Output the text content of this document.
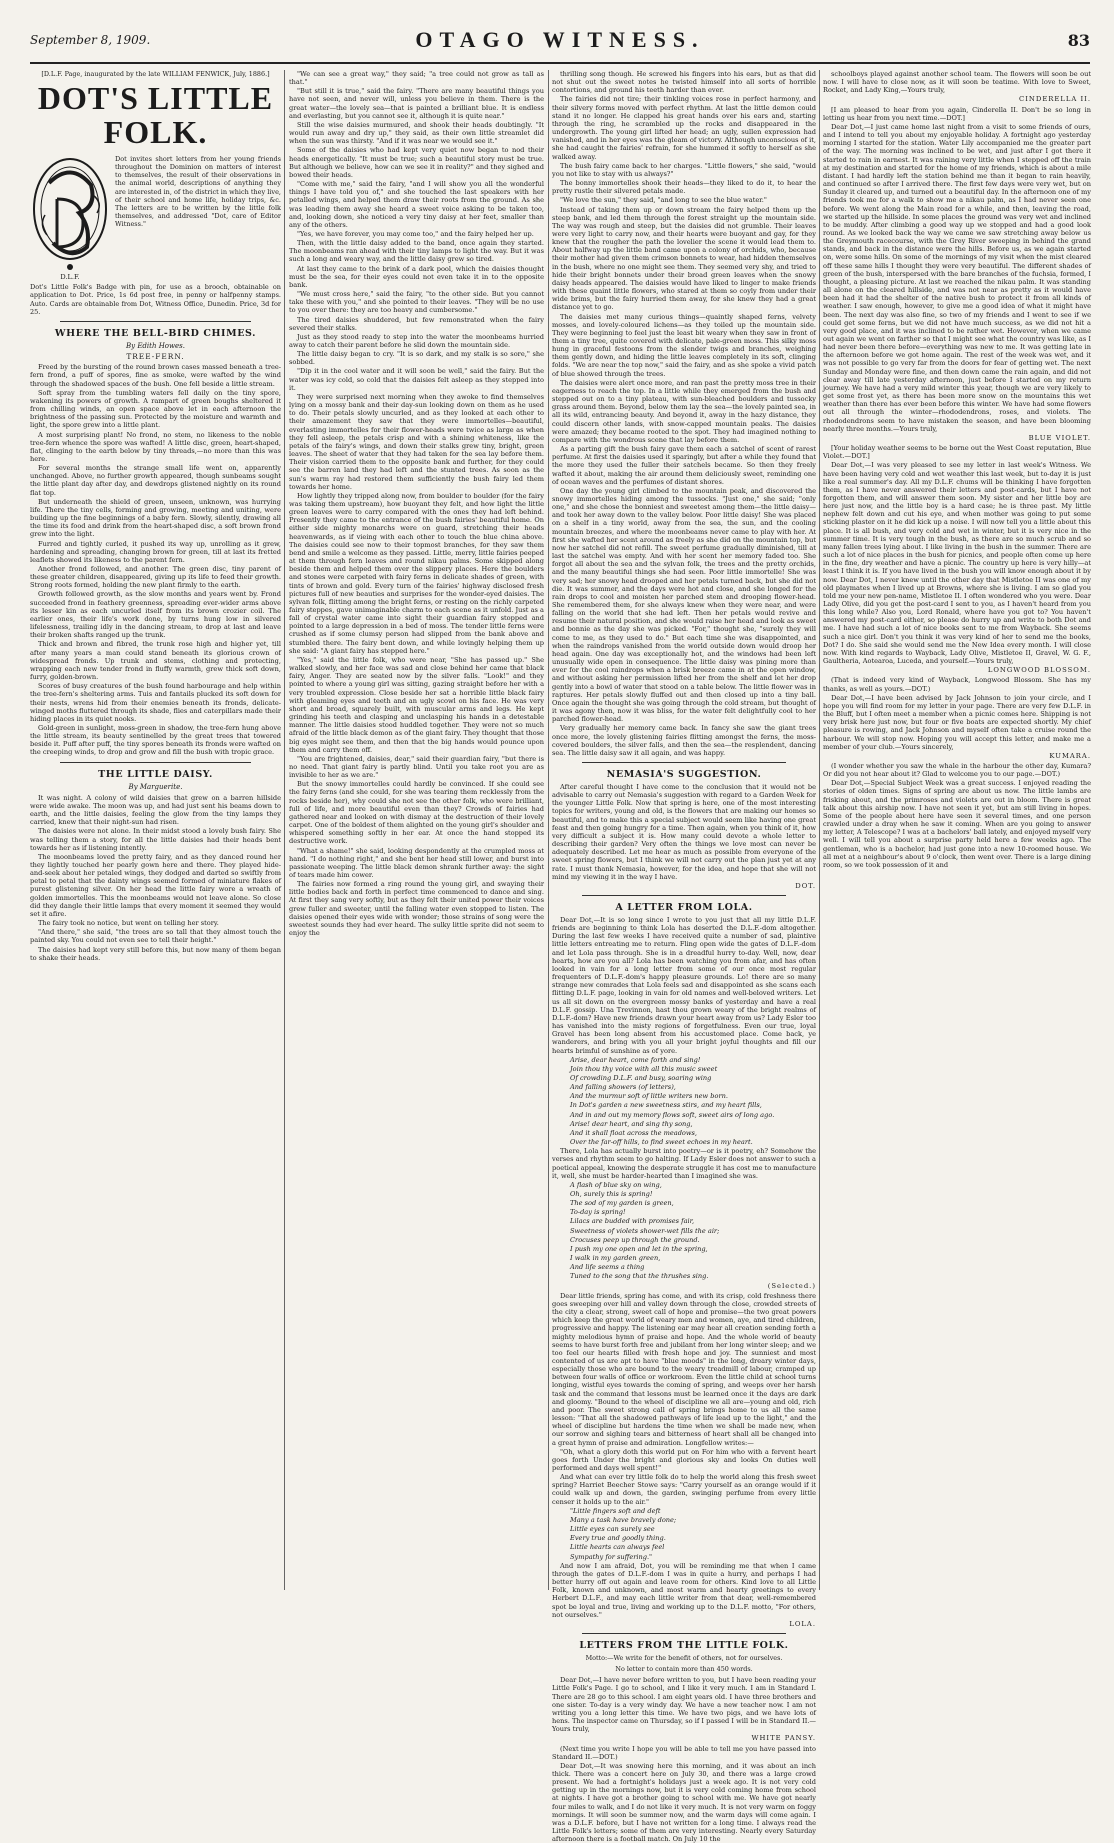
September 8, 1909.	OTAGO WITNESS.	83

[D.L.F. Page, inaugurated by the late WILLIAM FENWICK, July, 1886.]

DOT'S LITTLE FOLK.
D.L.F.

Dot invites short letters from her young friends throughout the Dominion on matters of interest to themselves, the result of their observations in the animal world, descriptions of anything they are interested in, of the district in which they live, of their school and home life, holiday trips, &c. The letters are to be written by the little folk themselves, and addressed "Dot, care of Editor Witness."

Dot's Little Folk's Badge with pin, for use as a brooch, obtainable on application to Dot. Price, 1s 6d post free, in penny or halfpenny stamps. Auto. Cards are obtainable from Dot, Witness Office, Dunedin. Price, 3d for 25.

WHERE THE BELL-BIRD CHIMES.
By Edith Howes.
TREE-FERN.

Freed by the bursting of the round brown cases massed beneath a tree-fern frond, a puff of spores, fine as smoke, were wafted by the wind through the shadowed spaces of the bush. One fell beside a little stream.

Soft spray from the tumbling waters fell daily on the tiny spore, wakening its powers of growth. A rampart of green boughs sheltered it from chilling winds, an open space above let in each afternoon the brightness of the passing sun. Protected by the moisture and warmth and light, the spore grew into a little plant.

A most surprising plant! No frond, no stem, no likeness to the noble tree-fern whence the spore was wafted! A little disc, green, heart-shaped, flat, clinging to the earth below by tiny threads,—no more than this was here.

For several months the strange small life went on, apparently unchanged. Above, no further growth appeared, though sunbeams sought the little plant day after day, and dewdrops glistened nightly on its round flat top.

But underneath the shield of green, unseen, unknown, was hurrying life. There the tiny cells, forming and growing, meeting and uniting, were building up the fine beginnings of a baby fern. Slowly, silently, drawing all the time its food and drink from the heart-shaped disc, a soft brown frond grew into the light.

Furred and tightly curled, it pushed its way up, unrolling as it grew, hardening and spreading, changing brown for green, till at last its fretted leaflets showed its likeness to the parent fern.

Another frond followed, and another. The green disc, tiny parent of these greater children, disappeared, giving up its life to feed their growth. Strong roots formed, holding the new plant firmly to the earth.

Growth followed growth, as the slow months and years went by. Frond succeeded frond in feathery greenness, spreading ever-wider arms above its lesser kin as each uncurled itself from its brown crozier coil. The earlier ones, their life's work done, by turns hung low in silvered lifelessness, trailing idly in the dancing stream, to drop at last and leave their broken shafts ranged up the trunk.

Thick and brown and fibred, the trunk rose high and higher yet, till after many years a man could stand beneath its glorious crown of widespread fronds. Up trunk and stems, clothing and protecting, wrapping each new tender frond in fluffy warmth, grew thick soft down, furry, golden-brown.

Scores of busy creatures of the bush found harbourage and help within the tree-fern's sheltering arms. Tuis and fantails plucked its soft down for their nests, wrens hid from their enemies beneath its fronds, delicate-winged moths fluttered through its shade, flies and caterpillars made their hiding places in its quiet nooks.

Gold-green in sunlight, moss-green in shadow, the tree-fern hung above the little stream, its beauty sentinelled by the great trees that towered beside it. Puff after puff, the tiny spores beneath its fronds were wafted on the creeping winds, to drop and grow and fill the bush with tropic grace.

THE LITTLE DAISY.
By Marguerite.

It was night. A colony of wild daisies that grew on a barren hillside were wide awake. The moon was up, and had just sent his beams down to earth, and the little daisies, feeling the glow from the tiny lamps they carried, knew that their night-sun had risen.

The daisies were not alone. In their midst stood a lovely bush fairy. She was telling them a story, for all the little daisies had their heads bent towards her as if listening intently.

The moonbeams loved the pretty fairy, and as they danced round her they lightly touched her pearly gown here and there. They played hide-and-seek about her petaled wings, they dodged and darted so swiftly from petal to petal that the dainty wings seemed formed of miniature flakes of purest glistening silver. On her head the little fairy wore a wreath of golden immortelles. This the moonbeams would not leave alone. So close did they dangle their little lamps that every moment it seemed they would set it afire.

The fairy took no notice, but went on telling her story.

"And there," she said, "the trees are so tall that they almost touch the painted sky. You could not even see to tell their height."

The daisies had kept very still before this, but now many of them began to shake their heads.

"We can see a great way," they said; "a tree could not grow as tall as that."

"But still it is true," said the fairy. "There are many beautiful things you have not seen, and never will, unless you believe in them. There is the great water—the lovely sea—that is painted a brilliant blue. It is endless and everlasting, but you cannot see it, although it is quite near."

Still the wise daisies murmured, and shook their heads doubtingly. "It would run away and dry up," they said, as their own little streamlet did when the sun was thirsty. "And if it was near we would see it."

Some of the daisies who had kept very quiet now began to nod their heads energetically. "It must be true; such a beautiful story must be true. But although we believe, how can we see it in reality?" and they sighed and bowed their heads.

"Come with me," said the fairy, "and I will show you all the wonderful things I have told you of," and she touched the last speakers with her petalled wings, and helped them draw their roots from the ground. As she was leading them away she heard a sweet voice asking to be taken too, and, looking down, she noticed a very tiny daisy at her feet, smaller than any of the others.

"Yes, we have forever, you may come too," and the fairy helped her up.

Then, with the little daisy added to the band, once again they started. The moonbeams ran ahead with their tiny lamps to light the way. But it was such a long and weary way, and the little daisy grew so tired.

At last they came to the brink of a dark pool, which the daisies thought must be the sea, for their eyes could not even take it in to the opposite bank.

"We must cross here," said the fairy, "to the other side. But you cannot take these with you," and she pointed to their leaves. "They will be no use to you over there: they are too heavy and cumbersome."

The tired daisies shuddered, but few remonstrated when the fairy severed their stalks.

Just as they stood ready to step into the water the moonbeams hurried away to catch their parent before he slid down the mountain side.

The little daisy began to cry. "It is so dark, and my stalk is so sore," she sobbed.

"Dip it in the cool water and it will soon be well," said the fairy. But the water was icy cold, so cold that the daisies felt asleep as they stepped into it.

They were surprised next morning when they awoke to find themselves lying on a mossy bank and their day-sun looking down on them as he used to do. Their petals slowly uncurled, and as they looked at each other to their amazement they saw that they were immortelles—beautiful, everlasting immortelles for their flower-heads were twice as large as when they fell asleep, the petals crisp and with a shining whiteness, like the petals of the fairy's wings, and down their stalks grew tiny, bright, green leaves. The sheet of water that they had taken for the sea lay before them. Their vision carried them to the opposite bank and further, for they could see the barren land they had left and the stunted trees. As soon as the sun's warm ray had restored them sufficiently the bush fairy led them towards her home.

How lightly they tripped along now, from boulder to boulder (for the fairy was taking them upstream), how buoyant they felt, and how light the little green leaves were to carry compared with the ones they had left behind. Presently they came to the entrance of the bush fairies' beautiful home. On either side mighty monarchs were on guard, stretching their heads heavenwards, as if vieing with each other to touch the blue china above. The daisies could see now to their topmost branches, for they saw them bend and smile a welcome as they passed. Little, merry, little fairies peeped at them through fern leaves and round nikau palms. Some skipped along beside them and helped them over the slippery places. Here the boulders and stones were carpeted with fairy ferns in delicate shades of green, with tints of brown and gold. Every turn of the fairies' highway disclosed fresh pictures full of new beauties and surprises for the wonder-eyed daisies. The sylvan folk, flitting among the bright ferns, or resting on the richly carpeted fairy steppes, gave unimaginable charm to each scene as it unfold. Just as a fall of crystal water came into sight their guardian fairy stopped and pointed to a large depression in a bed of moss. The tender little ferns were crushed as if some clumsy person had slipped from the bank above and stumbled there. The fairy bent down, and while lovingly helping them up she said: "A giant fairy has stepped here."

"Yes," said the little folk, who were near, "She has passed up." She walked slowly, and her face was sad and close behind her came that black fairy, Anger. They are seated now by the silver falls. "Look!" and they pointed to where a young girl was sitting, gazing straight before her with a very troubled expression. Close beside her sat a horrible little black fairy with gleaming eyes and teeth and an ugly scowl on his face. He was very short and broad, squarely built, with muscular arms and legs. He kept grinding his teeth and clasping and unclasping his hands in a detestable manner. The little daisies stood huddled together. They were not so much afraid of the little black demon as of the giant fairy. They thought that those big eyes might see them, and then that the big hands would pounce upon them and carry them off.

"You are frightened, daisies, dear," said their guardian fairy, "but there is no need. That giant fairy is partly blind. Until you take root you are as invisible to her as we are."

But the snowy immortelles could hardly be convinced. If she could see the fairy ferns (and she could, for she was tearing them recklessly from the rocks beside her), why could she not see the other folk, who were brilliant, full of life, and more beautiful even than they? Crowds of fairies had gathered near and looked on with dismay at the destruction of their lovely carpet. One of the boldest of them alighted on the young girl's shoulder and whispered something softly in her ear. At once the hand stopped its destructive work.

"What a shame!" she said, looking despondently at the crumpled moss at hand. "I do nothing right," and she bent her head still lower, and burst into passionate weeping. The little black demon shrank further away: the sight of tears made him cower.

The fairies now formed a ring round the young girl, and swaying their little bodies back and forth in perfect time commenced to dance and sing. At first they sang very softly, but as they felt their united power their voices grew fuller and sweeter, until the falling water even stopped to listen. The daisies opened their eyes wide with wonder; those strains of song were the sweetest sounds they had ever heard. The sulky little sprite did not seem to enjoy the

thrilling song though. He screwed his fingers into his ears, but as that did not shut out the sweet notes he twisted himself into all sorts of horrible contortions, and ground his teeth harder than ever.

The fairies did not tire; their tinkling voices rose in perfect harmony, and their silvery forms moved with perfect rhythm. At last the little demon could stand it no longer. He clapped his great hands over his ears and, starting through the ring, he scrambled up the rocks and disappeared in the undergrowth. The young girl lifted her head; an ugly, sullen expression had vanished, and in her eyes was the gleam of victory. Although unconscious of it, she had caught the fairies' refrain, for she hummed it softly to herself as she walked away.

The bush fairy came back to her charges. "Little flowers," she said, "would you not like to stay with us always?"

The bonny immortelles shook their heads—they liked to do it, to hear the pretty rustle their silvered petals made.

"We love the sun," they said, "and long to see the blue water."

Instead of taking them up or down stream the fairy helped them up the steep bank, and led them through the forest straight up the mountain side. The way was rough and steep, but the daisies did not grumble. Their leaves were very light to carry now, and their hearts were buoyant and gay, for they knew that the rougher the path the lovelier the scene it would lead them to. About halfway up the little band came upon a colony of orchids, who, because their mother had given them crimson bonnets to wear, had hidden themselves in the bush, where no one might see them. They seemed very shy, and tried to hide their bright bonnets under their broad green leaves when the snowy daisy heads appeared. The daisies would have liked to linger to make friends with these quaint little flowers, who stared at them so coyly from under their wide brims, but the fairy hurried them away, for she knew they had a great distance yet to go.

The daisies met many curious things—quaintly shaped ferns, velvety mosses, and lovely-coloured lichens—as they toiled up the mountain side. They were beginning to feel just the least bit weary when they saw in front of them a tiny tree, quite covered with delicate, pale-green moss. This silky moss hung in graceful festoons from the slender twigs and branches, weighing them gently down, and hiding the little leaves completely in its soft, clinging folds. "We are near the top now," said the fairy, and as she spoke a vivid patch of blue showed through the trees.

The daisies were alert once more, and ran past the pretty moss tree in their eagerness to reach the top. In a little while they emerged from the bush and stepped out on to a tiny plateau, with sun-bleached boulders and tussocky grass around them. Beyond, below them lay the sea—the lovely painted sea, in all its wild, entrancing beauty. And beyond it, away in the hazy distance, they could discern other lands, with snow-capped mountain peaks. The daisies were amazed; they became rooted to the spot. They had imagined nothing to compare with the wondrous scene that lay before them.

As a parting gift the bush fairy gave them each a satchel of scent of rarest perfume. At first the daisies used it sparingly, but after a while they found that the more they used the fuller their satchels became. So then they freely wafted it about, making the air around them deliciously sweet, reminding one of ocean waves and the perfumes of distant shores.

One day the young girl climbed to the mountain peak, and discovered the snowy immortelles hiding among the tussocks. "Just one," she said; "only one," and she chose the bonniest and sweetest among them—the little daisy—and took her away down to the valley below. Poor little daisy! She was placed on a shelf in a tiny world, away from the sea, the sun, and the cooling mountain breezes, and where the moonbeams never came to play with her. At first she wafted her scent around as freely as she did on the mountain top, but now her satchel did not refill. The sweet perfume gradually diminished, till at last the satchel was empty. And with her scent her memory faded too. She forgot all about the sea and the sylvan folk, the trees and the pretty orchids, and the many beautiful things she had seen. Poor little immortelle! She was very sad; her snowy head drooped and her petals turned back, but she did not die. It was summer, and the days were hot and close, and she longed for the rain drops to cool and moisten her parched stem and drooping flower-head. She remembered them, for she always knew when they were near, and were falling on the world that she had left. Then her petals would revive and resume their natural position, and she would raise her head and look as sweet and bonnie as the day she was picked. "For," thought she, "surely they will come to me, as they used to do." But each time she was disappointed, and when the raindrops vanished from the world outside down would droop her head again. One day was exceptionally hot, and the windows had been left unusually wide open in consequence. The little daisy was pining more than ever for the cool raindrops when a brisk breeze came in at the open window, and without asking her permission lifted her from the shelf and let her drop gently into a bowl of water that stood on a table below. The little flower was in raptures. Her petals slowly fluffed out and then closed up into a tiny ball. Once again the thought she was going through the cold stream, but thought of it was agony then, now it was bliss, for the water felt delightfully cool to her parched flower-head.

Very gradually her memory came back. In fancy she saw the giant trees once more, the lovely glistening fairies flitting amongst the ferns, the moss-covered boulders, the silver falls, and then the sea—the resplendent, dancing sea. The little daisy saw it all again, and was happy.

NEMASIA'S SUGGESTION.

After careful thought I have come to the conclusion that it would not be advisable to carry out Nemasia's suggestion with regard to a Garden Week for the younger Little Folk. Now that spring is here, one of the most interesting topics for writers, young and old, is the flowers that are making our homes so beautiful, and to make this a special subject would seem like having one great feast and then going hungry for a time. Then again, when you think of it, how very difficult a subject it is. How many could devote a whole letter to describing their garden? Very often the things we love most can never be adequately described. Let me hear as much as possible from everyone of the sweet spring flowers, but I think we will not carry out the plan just yet at any rate. I must thank Nemasia, however, for the idea, and hope that she will not mind my viewing it in the way I have.

DOT.
A LETTER FROM LOLA.

Dear Dot,—It is so long since I wrote to you just that all my little D.L.F. friends are beginning to think Lola has deserted the D.L.F.-dom altogether. During the last few weeks I have received quite a number of sad, plaintive little letters entreating me to return. Fling open wide the gates of D.L.F.-dom and let Lola pass through. She is in a dreadful hurry to-day. Well, now, dear hearts, how are you all? Lola has been watching you from afar, and has often looked in vain for a long letter from some of our once most regular frequenters of D.L.F.-dom's happy pleasure grounds. Lo! there are so many strange new comrades that Lola feels sad and disappointed as she scans each flitting D.L.F. page, looking in vain for old names and well-beloved writers. Let us all sit down on the evergreen mossy banks of yesterday and have a real D.L.F. gossip. Una Trevinnon, hast thou grown weary of the bright realms of D.L.F.-dom? Have new friends drawn your heart away from us? Lady Esler too has vanished into the misty regions of forgetfulness. Even our true, loyal Gravel has been long absent from his accustomed place. Come back, ye wanderers, and bring with you all your bright joyful thoughts and fill our hearts brimful of sunshine as of yore.

Arise, dear heart, come forth and sing!

Join thou thy voice with all this music sweet

Of crowding D.L.F. and busy, soaring wing

And falling showers (of letters),

And the murmur soft of little writers new born.

In Dot's garden a new sweetness stirs, and my heart fills,

And in and out my memory flows soft, sweet airs of long ago.

Arise! dear heart, and sing thy song,

And it shall float across the meadows,

Over the far-off hills, to find sweet echoes in my heart.

There, Lola has actually burst into poetry—or is it poetry, eh? Somehow the verses and rhythm seem to go halting. If Lady Esler does not answer to such a poetical appeal, knowing the desperate struggle it has cost me to manufacture it, well, she must be harder-hearted than I imagined she was.

A flash of blue sky on wing,

Oh, surely this is spring!

The sod of my garden is green,

To-day is spring!

Lilacs are budded with promises fair,

Sweetness of violets shower-wet fills the air;

Crocuses peep up through the ground.

I push my one open and let in the spring,

I walk in my garden green,

And life seems a thing

Tuned to the song that the thrushes sing.

(Selected.)

Dear little friends, spring has come, and with its crisp, cold freshness there goes sweeping over hill and valley down through the close, crowded streets of the city a clear, strong, sweet call of hope and promise—the two great powers which keep the great world of weary men and women, aye, and tired children, progressive and happy. The listening ear may hear all creation sending forth a mighty melodious hymn of praise and hope. And the whole world of beauty seems to have burst forth free and jubilant from her long winter sleep; and we too feel our hearts filled with fresh hope and joy. The sunniest and most contented of us are apt to have "blue moods" in the long, dreary winter days, especially those who are bound to the weary treadmill of labour, cramped up between four walls of office or workroom. Even the little child at school turns longing, wistful eyes towards the coming of spring, and weeps over her harsh task and the command that lessons must be learned once it the days are dark and gloomy. "Bound to the wheel of discipline we all are—young and old, rich and poor. The sweet strong call of spring brings home to us all the same lesson: "That all the shadowed pathways of life lead up to the light," and the wheel of discipline but hardens the time when we shall be made new, when our sorrow and sighing tears and bitterness of heart shall all be changed into a great hymn of praise and admiration. Longfellow writes:—

"Oh, what a glory doth this world put on For him who with a fervent heart goes forth Under the bright and glorious sky and looks On duties well performed and days well spent!"

And what can ever try little folk do to help the world along this fresh sweet spring? Harriet Beecher Stowe says: "Carry yourself as an orange would if it could walk up and down, the garden, swinging perfume from every little censer it holds up to the air."

"Little fingers soft and deft

Many a task have bravely done;

Little eyes can surely see

Every true and goodly thing.

Little hearts can always feel

Sympathy for suffering."

And now I am afraid, Dot, you will be reminding me that when I came through the gates of D.L.F.-dom I was in quite a hurry, and perhaps I had better hurry off out again and leave room for others. Kind love to all Little Folk, known and unknown, and most warm and hearty greetings to every Herbert D.L.F., and may each little writer from that dear, well-remembered spot be loyal and true, living and working up to the D.L.F. motto, "For others, not ourselves."

LOLA.
LETTERS FROM THE LITTLE FOLK.

Motto:—We write for the benefit of others, not for ourselves.

No letter to contain more than 450 words.

Dear Dot,—I have never before written to you, but I have been reading your Little Folk's Page. I go to school, and I like it very much. I am in Standard I. There are 28 go to this school. I am eight years old. I have three brothers and one sister. To-day is a very windy day. We have a new teacher now. I am not writing you a long letter this time. We have two pigs, and we have lots of hens. The inspector came on Thursday, so if I passed I will be in Standard II.—Yours truly,

WHITE PANSY.

(Next time you write I hope you will be able to tell me you have passed into Standard II.—DOT.)

Dear Dot,—It was snowing here this morning, and it was about an inch thick. There was a concert here on July 30, and there was a large crowd present. We had a fortnight's holidays just a week ago. It is not very cold getting up in the mornings now, but it is very cold coming home from school at nights. I have got a brother going to school with me. We have got nearly four miles to walk, and I do not like it very much. It is not very warm on foggy mornings. It will soon be summer now, and the warm days will come again. I was a D.L.F. before, but I have not written for a long time. I always read the Little Folk's letters; some of them are very interesting. Nearly every Saturday afternoon there is a football match. On July 10 the

schoolboys played against another school team. The flowers will soon be out now. I will have to close now, as it will soon be teatime. With love to Sweet, Rocket, and Lady King,—Yours truly,

CINDERELLA II.

[I am pleased to hear from you again, Cinderella II. Don't be so long in letting us hear from you next time.—DOT.]

Dear Dot,—I just came home last night from a visit to some friends of ours, and I intend to tell you about my enjoyable holiday. A fortnight ago yesterday morning I started for the station. Water Lily accompanied me the greater part of the way. The morning was inclined to be wet, and just after I got there it started to rain in earnest. It was raining very little when I stepped off the train at my destination and started for the home of my friends, which is about a mile distant. I had hardly left the station behind me than it began to rain heavily, and continued so after I arrived there. The first few days were very wet, but on Sunday it cleared up, and turned out a beautiful day. In the afternoon one of my friends took me for a walk to show me a nikau palm, as I had never seen one before. We went along the Main road for a while, and then, leaving the road, we started up the hillside. In some places the ground was very wet and inclined to be muddy. After climbing a good way up we stopped and had a good look round. As we looked back the way we came we saw stretching away below us the Greymouth racecourse, with the Grey River sweeping in behind the grand stands, and back in the distance were the hills. Before us, as we again started on, were some hills. On some of the mornings of my visit when the mist cleared off these same hills I thought they were very beautiful. The different shades of green of the bush, interspersed with the bare branches of the fuchsia, formed, I thought, a pleasing picture. At last we reached the nikau palm. It was standing all alone on the cleared hillside, and was not near as pretty as it would have been had it had the shelter of the native bush to protect it from all kinds of weather. I saw enough, however, to give me a good idea of what it might have been. The next day was also fine, so two of my friends and I went to see if we could get some ferns, but we did not have much success, as we did not hit a very good place, and it was inclined to be rather wet. However, when we came out again we went on farther so that I might see what the country was like, as I had never been there before—everything was new to me. It was getting late in the afternoon before we got home again. The rest of the week was wet, and it was not possible to go very far from the doors for fear of getting wet. The next Sunday and Monday were fine, and then down came the rain again, and did not clear away till late yesterday afternoon, just before I started on my return journey. We have had a very mild winter this year, though we are very likely to get some frost yet, as there has been more snow on the mountains this wet weather than there has ever been before this winter. We have had some flowers out all through the winter—rhododendrons, roses, and violets. The rhododendrons seem to have mistaken the season, and have been blooming nearly three months.—Yours truly,

BLUE VIOLET.

[Your holiday weather seems to be borne out the West Coast reputation, Blue Violet.—DOT.]

Dear Dot,—I was very pleased to see my letter in last week's Witness. We have been having very cold and wet weather this last week, but to-day it is just like a real summer's day. All my D.L.F. chums will be thinking I have forgotten them, as I have never answered their letters and post-cards, but I have not forgotten them, and will answer them soon. My sister and her little boy are here just now, and the little boy is a hard case; he is three past. My little nephew felt down and cut his eye, and when mother was going to put some sticking plaster on it he did kick up a noise. I will now tell you a little about this place. It is all bush, and very cold and wet in winter, but it is very nice in the summer time. It is very tough in the bush, as there are so much scrub and so many fallen trees lying about. I like living in the bush in the summer. There are such a lot of nice places in the bush for picnics, and people often come up here in the fine, dry weather and have a picnic. The country up here is very hilly—at least I think it is. If you have lived in the bush you will know enough about it by now. Dear Dot, I never knew until the other day that Mistletoe II was one of my old playmates when I lived up at Browns, where she is living. I am so glad you told me your new pen-name, Mistletoe II. I often wondered who you were. Dear Lady Olive, did you get the post-card I sent to you, as I haven't heard from you this long while? Also you, Lord Ronald, where have you got to? You haven't answered my post-card either, so please do hurry up and write to both Dot and me. I have had such a lot of nice books sent to me from Wayback. She seems such a nice girl. Don't you think it was very kind of her to send me the books, Dot? I do. She said she would send me the New Idea every month. I will close now. With kind regards to Wayback, Lady Olive, Mistletoe II, Gravel, W. G. F., Gaultheria, Aotearoa, Luceda, and yourself.—Yours truly,

LONGWOOD BLOSSOM.

(That is indeed very kind of Wayback, Longwood Blossom. She has my thanks, as well as yours.—DOT.)

Dear Dot,—I have been advised by Jack Johnson to join your circle, and I hope you will find room for my letter in your page. There are very few D.L.F. in the Bluff, but I often meet a member when a picnic comes here. Shipping is not very brisk here just now, but four or five boats are expected shortly. My chief pleasure is rowing, and Jack Johnson and myself often take a cruise round the harbour. We will stop now. Hoping you will accept this letter, and make me a member of your club.—Yours sincerely,

KUMARA.

(I wonder whether you saw the whale in the harbour the other day, Kumara? Or did you not hear about it? Glad to welcome you to our page.—DOT.)

Dear Dot,—Special Subject Week was a great success. I enjoyed reading the stories of olden times. Signs of spring are about us now. The little lambs are frisking about, and the primroses and violets are out in bloom. There is great talk about this airship now. I have not seen it yet, but am still living in hopes. Some of the people about here have seen it several times, and one person crawled under a dray when he saw it coming. When are you going to answer my letter, A Telescope? I was at a bachelors' ball lately, and enjoyed myself very well. I will tell you about a surprise party held here a few weeks ago. The gentleman, who is a bachelor, had just gone into a new 10-roomed house. We all met at a neighbour's about 9 o'clock, then went over. There is a large dining room, so we took possession of it and
